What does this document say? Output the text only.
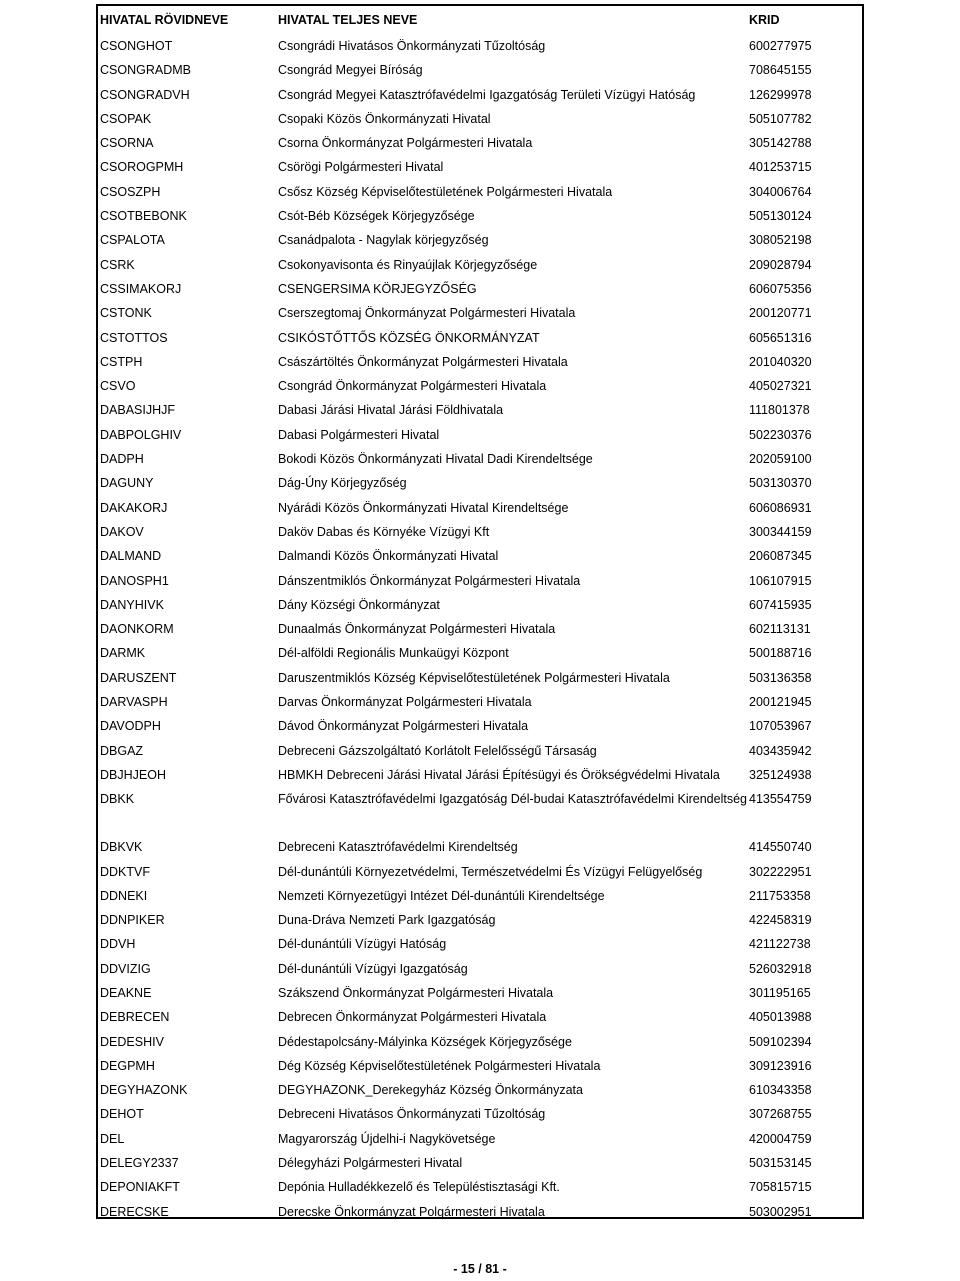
HIVATAL RÖVIDNEVE	HIVATAL TELJES NEVE	KRID
CSONGHOT	Csongrádi Hivatásos Önkormányzati Tűzoltóság	600277975
CSONGRADMB	Csongrád Megyei Bíróság	708645155
CSONGRADVH	Csongrád Megyei Katasztrófavédelmi Igazgatóság Területi Vízügyi Hatóság	126299978
CSOPAK	Csopaki Közös Önkormányzati Hivatal	505107782
CSORNA	Csorna Önkormányzat Polgármesteri Hivatala	305142788
CSOROGPMH	Csörögi Polgármesteri Hivatal	401253715
CSOSZPH	Csősz Község Képviselőtestületének Polgármesteri Hivatala	304006764
CSOTBEBONK	Csót-Béb Községek Körjegyzősége	505130124
CSPALOTA	Csanádpalota - Nagylak körjegyzőség	308052198
CSRK	Csokonyavisonta és Rinyaújlak Körjegyzősége	209028794
CSSIMAKORJ	CSENGERSIMA KÖRJEGYZŐSÉG	606075356
CSTONK	Cserszegtomaj Önkormányzat Polgármesteri Hivatala	200120771
CSTOTTOS	CSIKÓSTŐTTŐS KÖZSÉG ÖNKORMÁNYZAT	605651316
CSTPH	Császártöltés Önkormányzat Polgármesteri Hivatala	201040320
CSVO	Csongrád Önkormányzat Polgármesteri Hivatala	405027321
DABASIJHJF	Dabasi Járási Hivatal Járási Földhivatala	111801378
DABPOLGHIV	Dabasi Polgármesteri Hivatal	502230376
DADPH	Bokodi Közös Önkormányzati Hivatal Dadi Kirendeltsége	202059100
DAGUNY	Dág-Úny Körjegyzőség	503130370
DAKAKORJ	Nyárádi Közös Önkormányzati Hivatal Kirendeltsége	606086931
DAKOV	Daköv Dabas és Környéke Vízügyi Kft	300344159
DALMAND	Dalmandi Közös Önkormányzati Hivatal	206087345
DANOSPH1	Dánszentmiklós Önkormányzat Polgármesteri Hivatala	106107915
DANYHIVK	Dány Községi Önkormányzat	607415935
DAONKORM	Dunaalmás Önkormányzat Polgármesteri Hivatala	602113131
DARMK	Dél-alföldi Regionális Munkaügyi Központ	500188716
DARUSZENT	Daruszentmiklós Község Képviselőtestületének Polgármesteri Hivatala	503136358
DARVASPH	Darvas Önkormányzat Polgármesteri Hivatala	200121945
DAVODPH	Dávod Önkormányzat Polgármesteri Hivatala	107053967
DBGAZ	Debreceni Gázszolgáltató Korlátolt Felelősségű Társaság	403435942
DBJHJEOH	HBMKH Debreceni Járási Hivatal Járási Építésügyi és Örökségvédelmi Hivatala	325124938
DBKK	Fővárosi Katasztrófavédelmi Igazgatóság Dél-budai Katasztrófavédelmi Kirendeltség	413554759
DBKVK	Debreceni Katasztrófavédelmi Kirendeltség	414550740
DDKTVF	Dél-dunántúli Környezetvédelmi, Természetvédelmi És Vízügyi Felügyelőség	302222951
DDNEKI	Nemzeti Környezetügyi Intézet Dél-dunántúli Kirendeltsége	211753358
DDNPIKER	Duna-Dráva Nemzeti Park Igazgatóság	422458319
DDVH	Dél-dunántúli Vízügyi Hatóság	421122738
DDVIZIG	Dél-dunántúli Vízügyi Igazgatóság	526032918
DEAKNE	Szákszend Önkormányzat Polgármesteri Hivatala	301195165
DEBRECEN	Debrecen Önkormányzat Polgármesteri Hivatala	405013988
DEDESHIV	Dédestapolcsány-Mályinka Községek Körjegyzősége	509102394
DEGPMH	Dég Község Képviselőtestületének Polgármesteri Hivatala	309123916
DEGYHAZONK	DEGYHAZONK_Derekegyház Község Önkormányzata	610343358
DEHOT	Debreceni Hivatásos Önkormányzati Tűzoltóság	307268755
DEL	Magyarország Újdelhi-i Nagykövetsége	420004759
DELEGY2337	Délegyházi Polgármesteri Hivatal	503153145
DEPONIAKFT	Depónia Hulladékkezelő és Településtisztasági Kft.	705815715
DERECSKE	Derecske Önkormányzat Polgármesteri Hivatala	503002951
- 15 / 81 -
